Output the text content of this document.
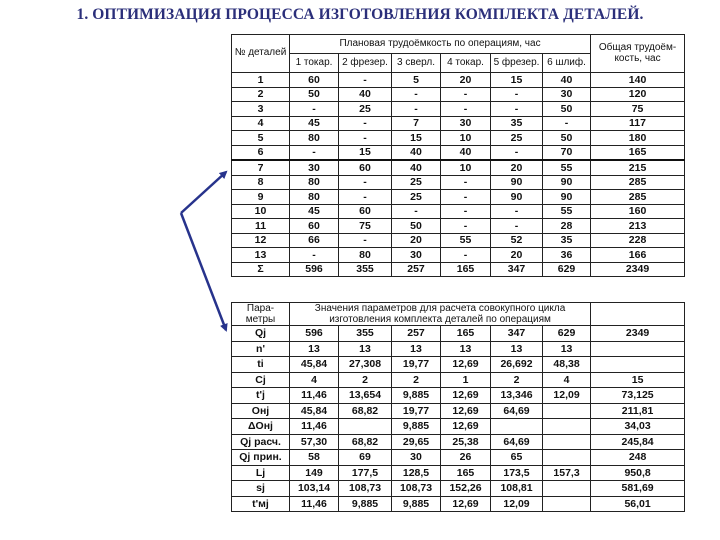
1. ОПТИМИЗАЦИЯ ПРОЦЕССА ИЗГОТОВЛЕНИЯ КОМПЛЕКТА ДЕТАЛЕЙ.
№ деталей	Плановая трудоёмкость по операциям, час						Общая трудоём-кость, час
	1 токар.	2 фрезер.	3 сверл.	4 токар.	5 фрезер.	6 шлиф.	
1	60	-	5	20	15	40	140
2	50	40	-	-	-	30	120
3	-	25	-	-	-	50	75
4	45	-	7	30	35	-	117
5	80	-	15	10	25	50	180
6	-	15	40	40	-	70	165
7	30	60	40	10	20	55	215
8	80	-	25	-	90	90	285
9	80	-	25	-	90	90	285
10	45	60	-	-	-	55	160
11	60	75	50	-	-	28	213
12	66	-	20	55	52	35	228
13	-	80	30	-	20	36	166
Σ	596	355	257	165	347	629	2349
Пара-метры	Значения параметров для расчета совокупного цикла изготовления комплекта деталей по операциям						
Qj	596	355	257	165	347	629	2349
n'	13	13	13	13	13	13	
ti	45,84	27,308	19,77	12,69	26,692	48,38	
Cj	4	2	2	1	2	4	15
t'j	11,46	13,654	9,885	12,69	13,346	12,09	73,125
Онj	45,84	68,82	19,77	12,69	64,69		211,81
ΔОнj	11,46		9,885	12,69			34,03
Qj расч.	57,30	68,82	29,65	25,38	64,69		245,84
Qj прин.	58	69	30	26	65		248
Lj	149	177,5	128,5	165	173,5	157,3	950,8
sj	103,14	108,73	108,73	152,26	108,81		581,69
t'мj	11,46	9,885	9,885	12,69	12,09		56,01
